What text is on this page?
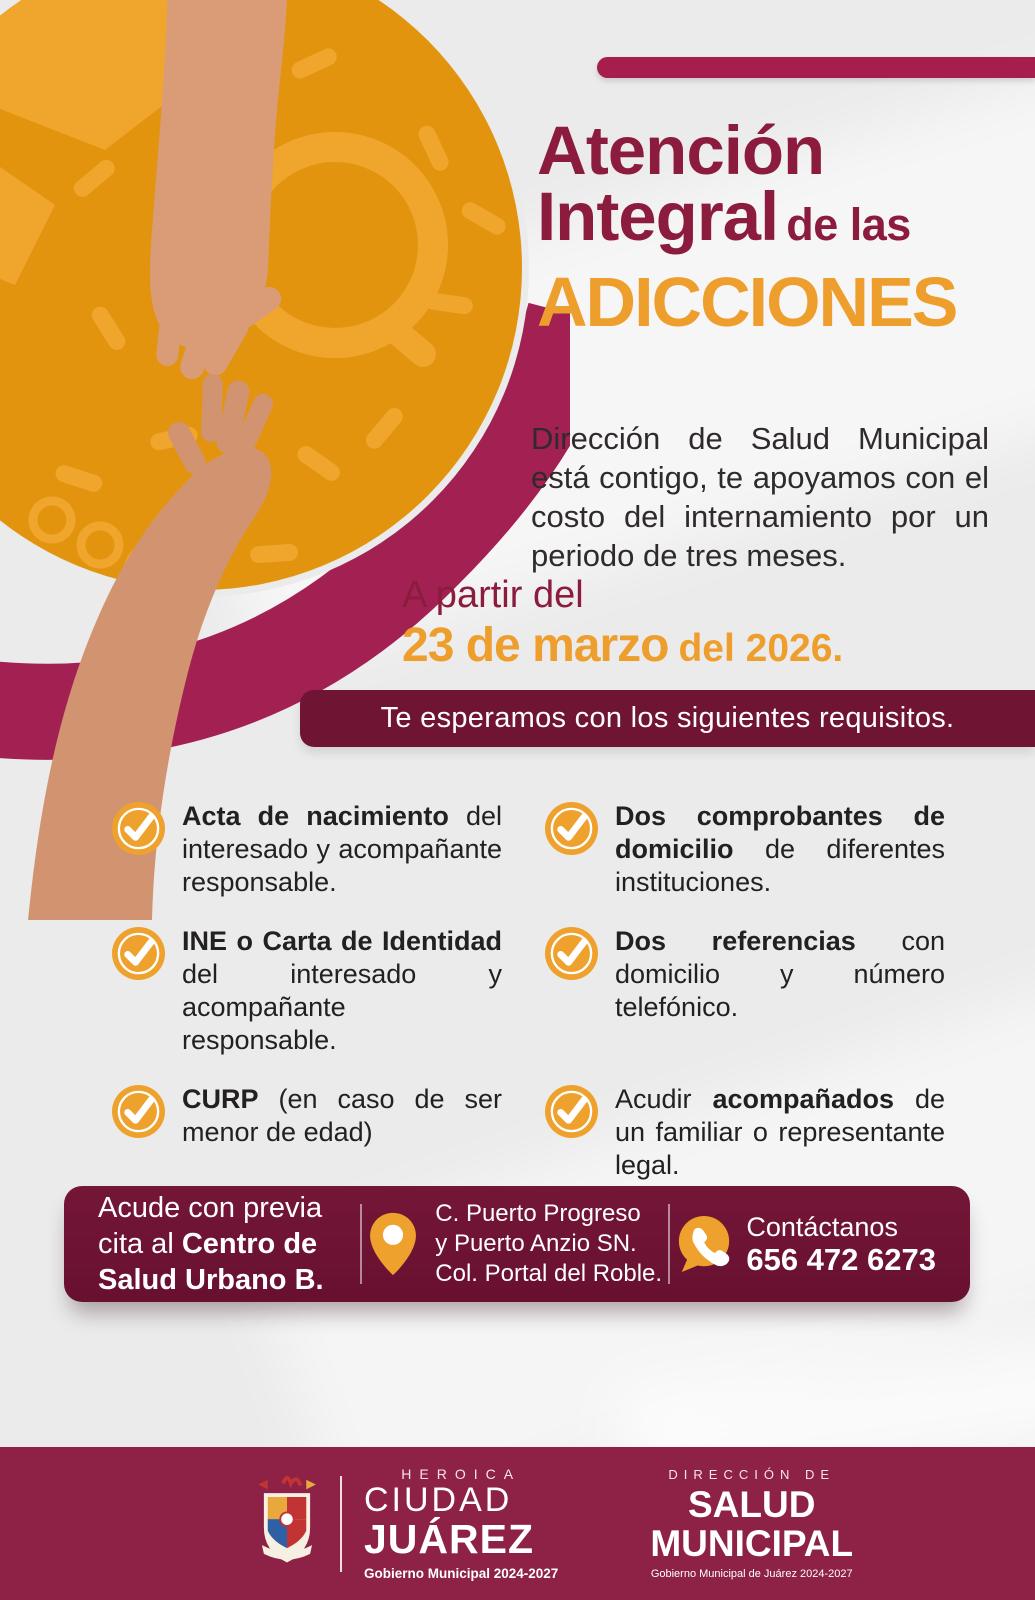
Atención
Integral de las
ADICCIONES

Dirección de Salud Municipal está contigo, te apoyamos con el costo del internamiento por un periodo de tres meses.

A partir del
23 de marzo del 2026.
Te esperamos con los siguientes requisitos.

Acta de nacimiento del interesado y acompañante responsable.

Dos comprobantes de domicilio de diferentes instituciones.

INE o Carta de Identidad del interesado y acompañante responsable.

Dos referencias con domicilio y número telefónico.

CURP (en caso de ser menor de edad)

Acudir acompañados de un familiar o representante legal.

Acude con previa cita al Centro de Salud Urbano B.

C. Puerto Progreso
y Puerto Anzio SN.
Col. Portal del Roble.
Contáctanos
656 472 6273
HEROICA
CIUDAD
JUÁREZ
Gobierno Municipal 2024-2027
DIRECCIÓN DE
SALUD
MUNICIPAL
Gobierno Municipal de Juárez 2024-2027
